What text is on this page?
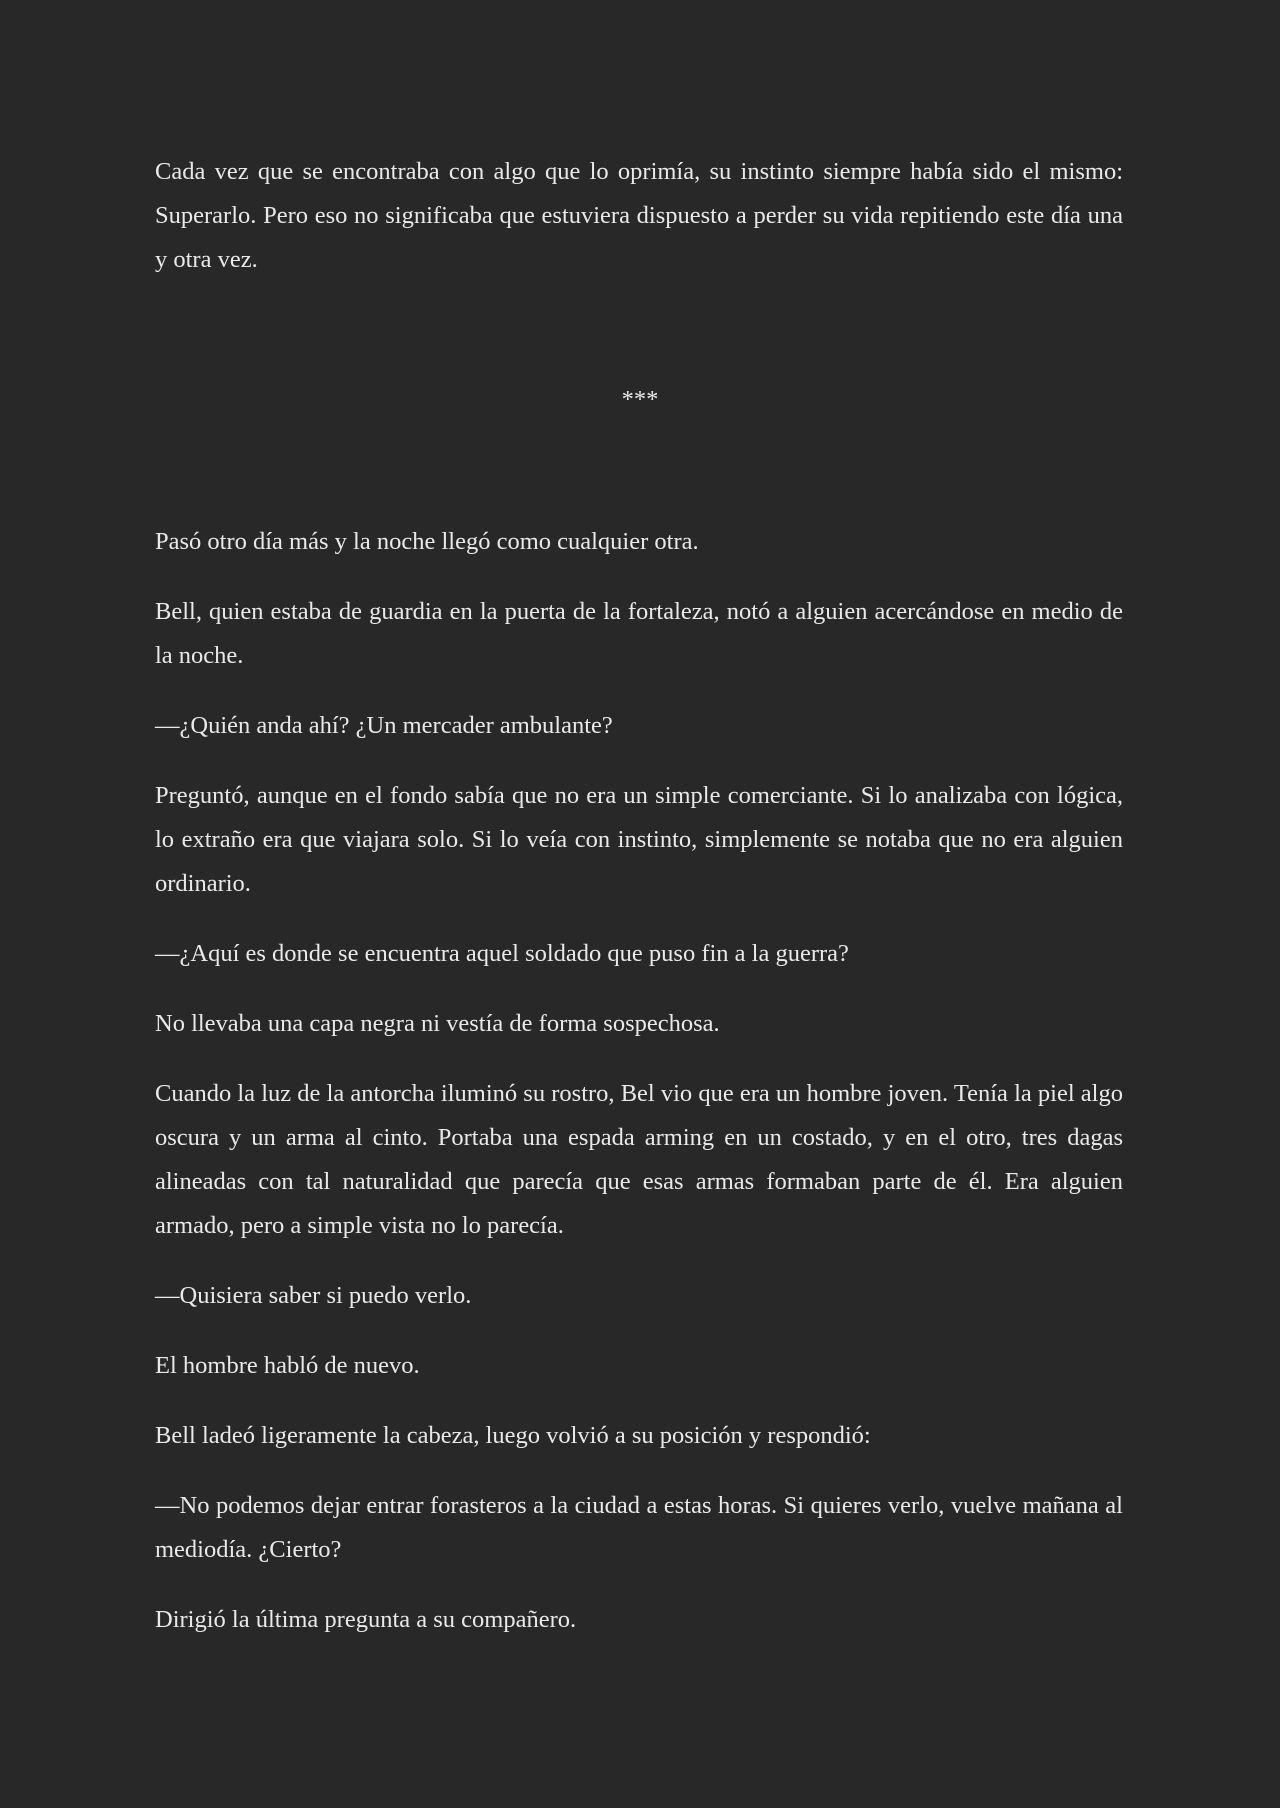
Cada vez que se encontraba con algo que lo oprimía, su instinto siempre había sido el mismo: Superarlo. Pero eso no significaba que estuviera dispuesto a perder su vida repitiendo este día una y otra vez.

***

Pasó otro día más y la noche llegó como cualquier otra.

Bell, quien estaba de guardia en la puerta de la fortaleza, notó a alguien acercándose en medio de la noche.

—¿Quién anda ahí? ¿Un mercader ambulante?

Preguntó, aunque en el fondo sabía que no era un simple comerciante. Si lo analizaba con lógica, lo extraño era que viajara solo. Si lo veía con instinto, simplemente se notaba que no era alguien ordinario.

—¿Aquí es donde se encuentra aquel soldado que puso fin a la guerra?

No llevaba una capa negra ni vestía de forma sospechosa.

Cuando la luz de la antorcha iluminó su rostro, Bel vio que era un hombre joven. Tenía la piel algo oscura y un arma al cinto. Portaba una espada arming en un costado, y en el otro, tres dagas alineadas con tal naturalidad que parecía que esas armas formaban parte de él. Era alguien armado, pero a simple vista no lo parecía.

—Quisiera saber si puedo verlo.

El hombre habló de nuevo.

Bell ladeó ligeramente la cabeza, luego volvió a su posición y respondió:

—No podemos dejar entrar forasteros a la ciudad a estas horas. Si quieres verlo, vuelve mañana al mediodía. ¿Cierto?

Dirigió la última pregunta a su compañero.
